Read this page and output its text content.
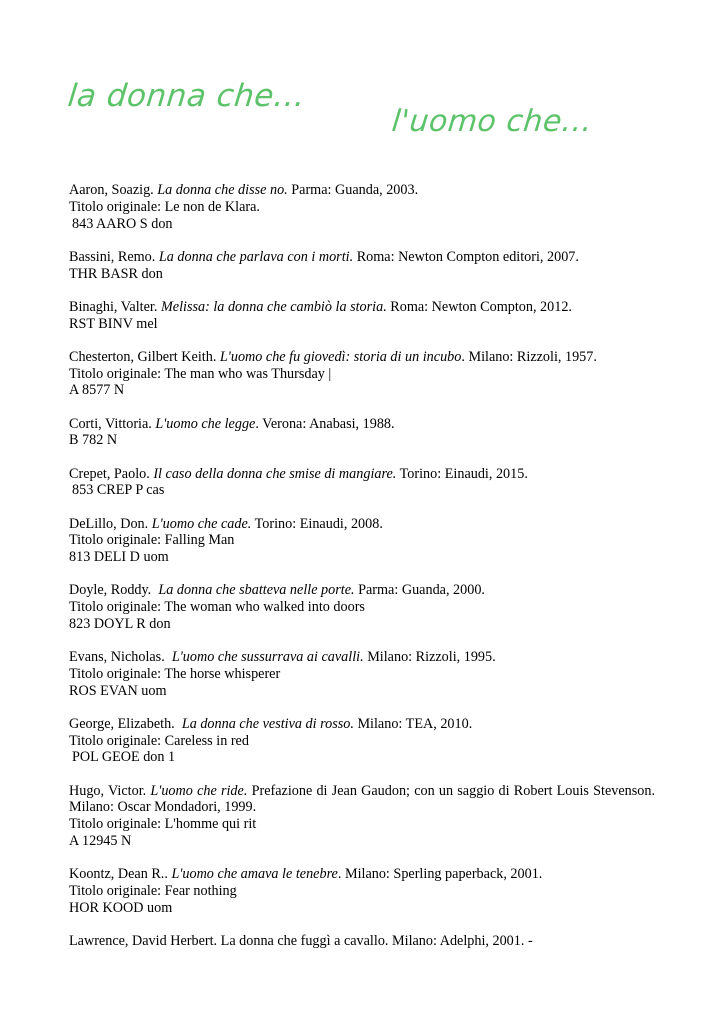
la donna che...
l'uomo che...
Aaron, Soazig. La donna che disse no. Parma: Guanda, 2003.
Titolo originale: Le non de Klara.
843 AARO S don
Bassini, Remo. La donna che parlava con i morti. Roma: Newton Compton editori, 2007.
THR BASR don
Binaghi, Valter. Melissa: la donna che cambiò la storia. Roma: Newton Compton, 2012.
RST BINV mel
Chesterton, Gilbert Keith. L'uomo che fu giovedì: storia di un incubo. Milano: Rizzoli, 1957.
Titolo originale: The man who was Thursday |
A 8577 N
Corti, Vittoria. L'uomo che legge. Verona: Anabasi, 1988.
B 782 N
Crepet, Paolo. Il caso della donna che smise di mangiare. Torino: Einaudi, 2015.
853 CREP P cas
DeLillo, Don. L'uomo che cade. Torino: Einaudi, 2008.
Titolo originale: Falling Man
813 DELI D uom
Doyle, Roddy. La donna che sbatteva nelle porte. Parma: Guanda, 2000.
Titolo originale: The woman who walked into doors
823 DOYL R don
Evans, Nicholas. L'uomo che sussurrava ai cavalli. Milano: Rizzoli, 1995.
Titolo originale: The horse whisperer
ROS EVAN uom
George, Elizabeth. La donna che vestiva di rosso. Milano: TEA, 2010.
Titolo originale: Careless in red
POL GEOE don 1
Hugo, Victor. L'uomo che ride. Prefazione di Jean Gaudon; con un saggio di Robert Louis Stevenson. Milano: Oscar Mondadori, 1999.
Titolo originale: L'homme qui rit
A 12945 N
Koontz, Dean R.. L'uomo che amava le tenebre. Milano: Sperling paperback, 2001.
Titolo originale: Fear nothing
HOR KOOD uom
Lawrence, David Herbert. La donna che fuggì a cavallo. Milano: Adelphi, 2001. -
